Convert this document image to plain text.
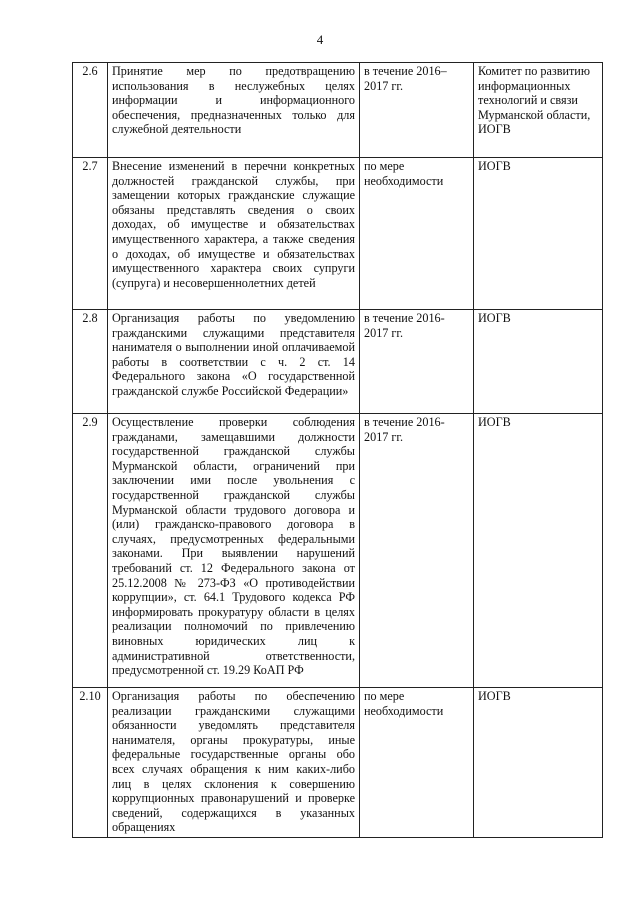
4
2.6	Принятие мер по предотвращению использования в неслужебных целях информации и информационного обеспечения, предназначенных только для служебной деятельности	в течение 2016–2017 гг.	Комитет по развитию информационных технологий и связи Мурманской области, ИОГВ
2.7	Внесение изменений в перечни конкретных должностей гражданской службы, при замещении которых гражданские служащие обязаны представлять сведения о своих доходах, об имуществе и обязательствах имущественного характера, а также сведения о доходах, об имуществе и обязательствах имущественного характера своих супруги (супруга) и несовершеннолетних детей	по мере необходимости	ИОГВ
2.8	Организация работы по уведомлению гражданскими служащими представителя нанимателя о выполнении иной оплачиваемой работы в соответствии с ч. 2 ст. 14 Федерального закона «О государственной гражданской службе Российской Федерации»	в течение 2016-2017 гг.	ИОГВ
2.9	Осуществление проверки соблюдения гражданами, замещавшими должности государственной гражданской службы Мурманской области, ограничений при заключении ими после увольнения с государственной гражданской службы Мурманской области трудового договора и (или) гражданско-правового договора в случаях, предусмотренных федеральными законами. При выявлении нарушений требований ст. 12 Федерального закона от 25.12.2008 № 273-ФЗ «О противодействии коррупции», ст. 64.1 Трудового кодекса РФ информировать прокуратуру области в целях реализации полномочий по привлечению виновных юридических лиц к административной ответственности, предусмотренной ст. 19.29 КоАП РФ	в течение 2016-2017 гг.	ИОГВ
2.10	Организация работы по обеспечению реализации гражданскими служащими обязанности уведомлять представителя нанимателя, органы прокуратуры, иные федеральные государственные органы обо всех случаях обращения к ним каких-либо лиц в целях склонения к совершению коррупционных правонарушений и проверке сведений, содержащихся в указанных обращениях	по мере необходимости	ИОГВ
